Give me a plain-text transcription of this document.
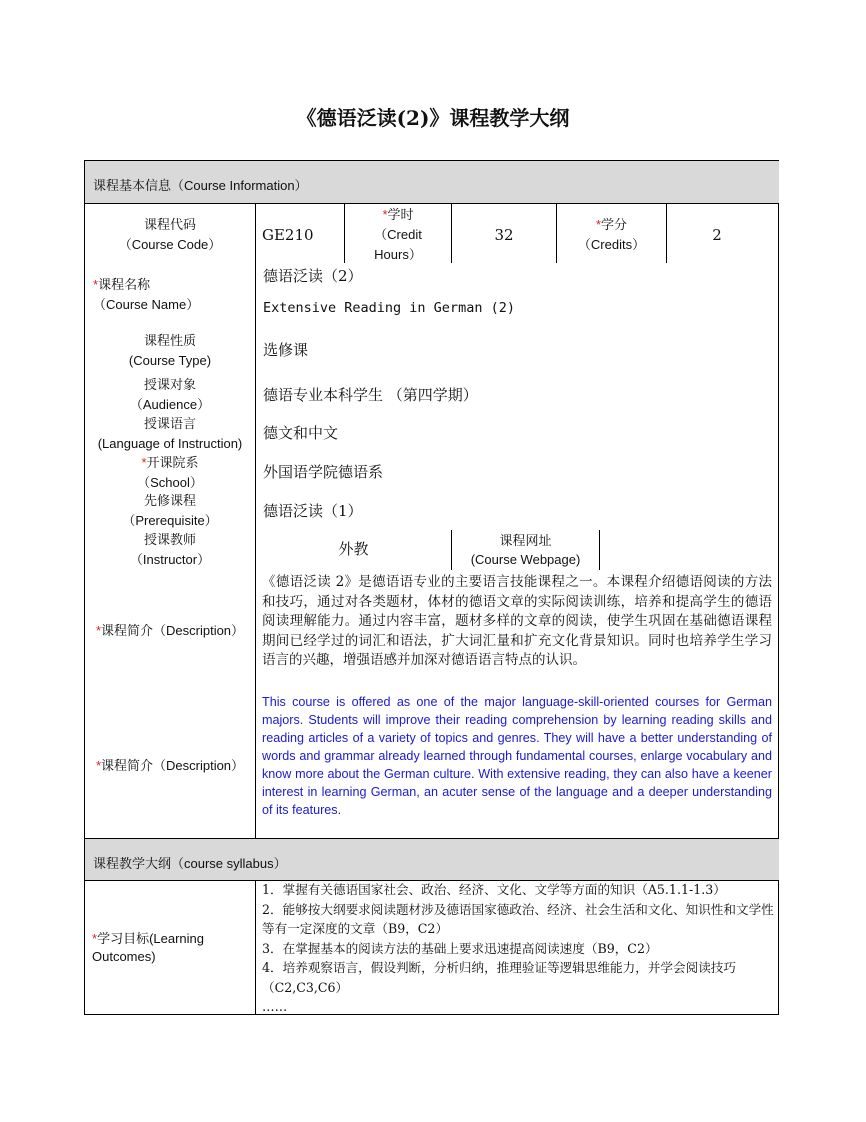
《德语泛读(2)》课程教学大纲
课程基本信息（Course Information）
课程教学大纲（course syllabus）
课程代码
（Course Code）
GE210
*学时
（Credit
Hours）
32
*学分
（Credits）
2
*课程名称
（Course Name）
德语泛读（2）
Extensive Reading in German (2)
课程性质
(Course Type)
选修课
授课对象
（Audience）
德语专业本科学生 （第四学期）
授课语言
(Language of Instruction)
德文和中文
*开课院系
（School）
外国语学院德语系
先修课程
（Prerequisite）
德语泛读（1）
授课教师
（Instructor）
外教	课程网址
(Course Webpage)
*课程简介（Description）
《德语泛读 2》是德语语专业的主要语言技能课程之一。本课程介绍德语阅读的方法和技巧，通过对各类题材，体材的德语文章的实际阅读训练，培养和提高学生的德语阅读理解能力。通过内容丰富，题材多样的文章的阅读，使学生巩固在基础德语课程期间已经学过的词汇和语法，扩大词汇量和扩充文化背景知识。同时也培养学生学习语言的兴趣，增强语感并加深对德语语言特点的认识。
*课程简介（Description）
This course is offered as one of the major language-skill-oriented courses for German majors. Students will improve their reading comprehension by learning reading skills and reading articles of a variety of topics and genres. They will have a better understanding of words and grammar already learned through fundamental courses, enlarge vocabulary and know more about the German culture. With extensive reading, they can also have a keener interest in learning German, an acuter sense of the language and a deeper understanding of its features.
*学习目标(Learning Outcomes)
1．掌握有关德语国家社会、政治、经济、文化、文学等方面的知识（A5.1.1-1.3）
2．能够按大纲要求阅读题材涉及德语国家德政治、经济、社会生活和文化、知识性和文学性等有一定深度的文章（B9，C2）
3．在掌握基本的阅读方法的基础上要求迅速提高阅读速度（B9，C2）
4．培养观察语言，假设判断，分析归纳，推理验证等逻辑思维能力，并学会阅读技巧（C2,C3,C6）
……
